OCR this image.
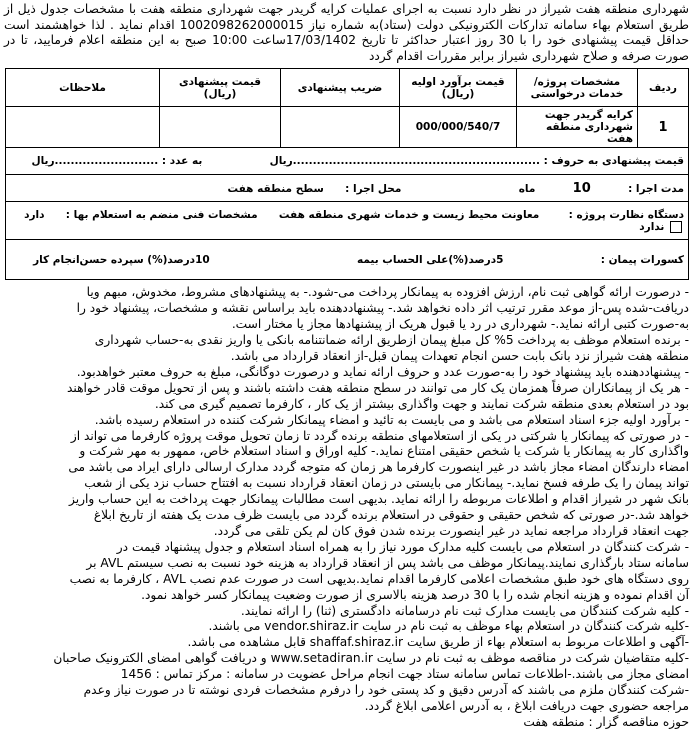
شهرداری منطقه هفت شیراز در نظر دارد نسبت به اجرای عملیات کرایه گریدر جهت شهرداری منطقه هفت با مشخصات جدول ذیل از طریق استعلام بهاء سامانه تدارکات الکترونیکی دولت (ستاد)به شماره نیاز 1002098262000015 اقدام نماید . لذا خواهشمند است حداقل قیمت پیشنهادی خود را با 30 روز اعتبار حداکثر تا تاریخ 17/03/1402ساعت 10:00 صبح به این منطقه اعلام فرمایید، تا در صورت صرفه و صلاح شهرداری شیراز برابر مقررات اقدام گردد

ردیف	مشخصات پروژه/ خدمات درخواستی	قیمت برآورد اولیه (ریال)	ضریب پیشنهادی	قیمت پیشنهادی (ریال)	ملاحظات
1	کرایه گریدر جهت شهرداری منطقه هفت	000/000/540/7			
قیمت پیشنهادی به حروف : ..............................................................ریال  به عدد : ..........................ریال					
مدت اجرا :  10  ماه  محل اجرا :  سطح منطقه هفت					
دستگاه نظارت پروژه :  معاونت محیط زیست و خدمات شهری منطقه هفت  مشخصات فنی منضم به استعلام بها :  دارد  ندارد					
کسورات پیمان :  5درصد(%)علی الحساب بیمه  10درصد(%) سپرده حسن‌انجام کار					

- درصورت ارائه گواهی ثبت نام، ارزش افزوده به پیمانکار پرداخت می-شود.- به پیشنهادهای مشروط، مخدوش، مبهم ویا

دریافت-شده پس-از موعد مقرر ترتیب اثر داده نخواهد شد.- پیشنهاددهنده باید براساس نقشه و مشخصات، پیشنهاد خود را

به-صورت کتبی ارائه نماید.- شهرداری در رد یا قبول هریک از پیشنهادها مجاز یا مختار است.

- برنده استعلام موظف به پرداخت 5% کل مبلغ پیمان ازطریق ارائه ضمانتنامه بانکی یا واریز نقدی به-حساب شهرداری

منطقه هفت شیراز نزد بانک بابت حسن انجام تعهدات پیمان قبل-از انعقاد قرارداد می باشد.

- پیشنهاددهنده باید پیشنهاد خود را به-صورت عدد و حروف ارائه نماید و درصورت دوگانگی، مبلغ به حروف معتبر خواهدبود.

- هر یک از پیمانکاران صرفاً همزمان یک کار می توانند در سطح منطقه هفت داشته باشند و پس از تحویل موقت قادر خواهند

بود در استعلام بعدی منطقه شرکت نمایند و جهت واگذاری بیشتر از یک کار ، کارفرما تصمیم گیری می کند.

- برآورد اولیه جزء اسناد استعلام می باشد و می بایست به تائید و امضاء پیمانکار شرکت کننده در استعلام رسیده باشد.

- در صورتی که پیمانکار یا شرکتی در یکی از استعلامهای منطقه برنده گردد تا زمان تحویل موقت پروژه کارفرما می تواند از

واگذاری کار به پیمانکار یا شرکت یا شخص حقیقی امتناع نماید.- کلیه اوراق و اسناد استعلام خاص، ممهور به مهر شرکت و

امضاء دارندگان امضاء مجاز باشد در غیر اینصورت کارفرما هر زمان که متوجه گردد مدارک ارسالی دارای ایراد می باشد می

تواند پیمان را یک طرفه فسخ نماید.- پیمانکار می بایستی در زمان انعقاد قرارداد نسبت به افتتاح حساب نزد یکی از شعب

بانک شهر در شیراز اقدام و اطلاعات مربوطه را ارائه نماید. بدیهی است مطالبات پیمانکار جهت پرداخت به این حساب واریز

خواهد شد.-در صورتی که شخص حقیقی و حقوقی در استعلام برنده گردد می بایست ظرف مدت یک هفته از تاریخ ابلاغ

جهت انعقاد قرارداد مراجعه نماید در غیر اینصورت برنده شدن فوق کان لم یکن تلقی می گردد.

- شرکت کنندگان در استعلام می بایست کلیه مدارک مورد نیاز را به همراه اسناد استعلام و جدول پیشنهاد قیمت در

سامانه ستاد بارگذاری نمایند.پیمانکار موظف می باشد پس از انعقاد قرارداد به هزینه خود نسبت به نصب سیستم AVL بر

روی دستگاه های خود طبق مشخصات اعلامی کارفرما اقدام نماید.بدیهی است در صورت عدم نصب AVL ، کارفرما به نصب

آن اقدام نموده و هزینه انجام شده را با 30 درصد هزینه بالاسری از صورت وضعیت پیمانکار کسر خواهد نمود.

- کلیه شرکت کنندگان می بایست مدارک ثبت نام درسامانه دادگستری (ثنا) را ارائه نمایند.

-کلیه شرکت کنندگان در استعلام بهاء موظف به ثبت نام در سایت vendor.shiraz.ir می باشند.

-آگهی و اطلاعات مربوط به استعلام بهاء از طریق سایت shaffaf.shiraz.ir قابل مشاهده می باشد.

-کلیه متقاضیان شرکت در مناقصه موظف به ثبت نام در سایت www.setadiran.ir و دریافت گواهی امضای الکترونیک صاحبان

امضای مجاز می باشند.-اطلاعات تماس سامانه ستاد جهت انجام مراحل عضویت در سامانه : مرکز تماس : 1456

-شرکت کنندگان ملزم می باشند که آدرس دقیق و کد پستی خود را درفرم مشخصات فردی نوشته تا در صورت نیاز وعدم

مراجعه حضوری جهت دریافت ابلاغ ، به آدرس اعلامی ابلاغ گردد.

حوزه مناقصه گزار : منطقه هفت
